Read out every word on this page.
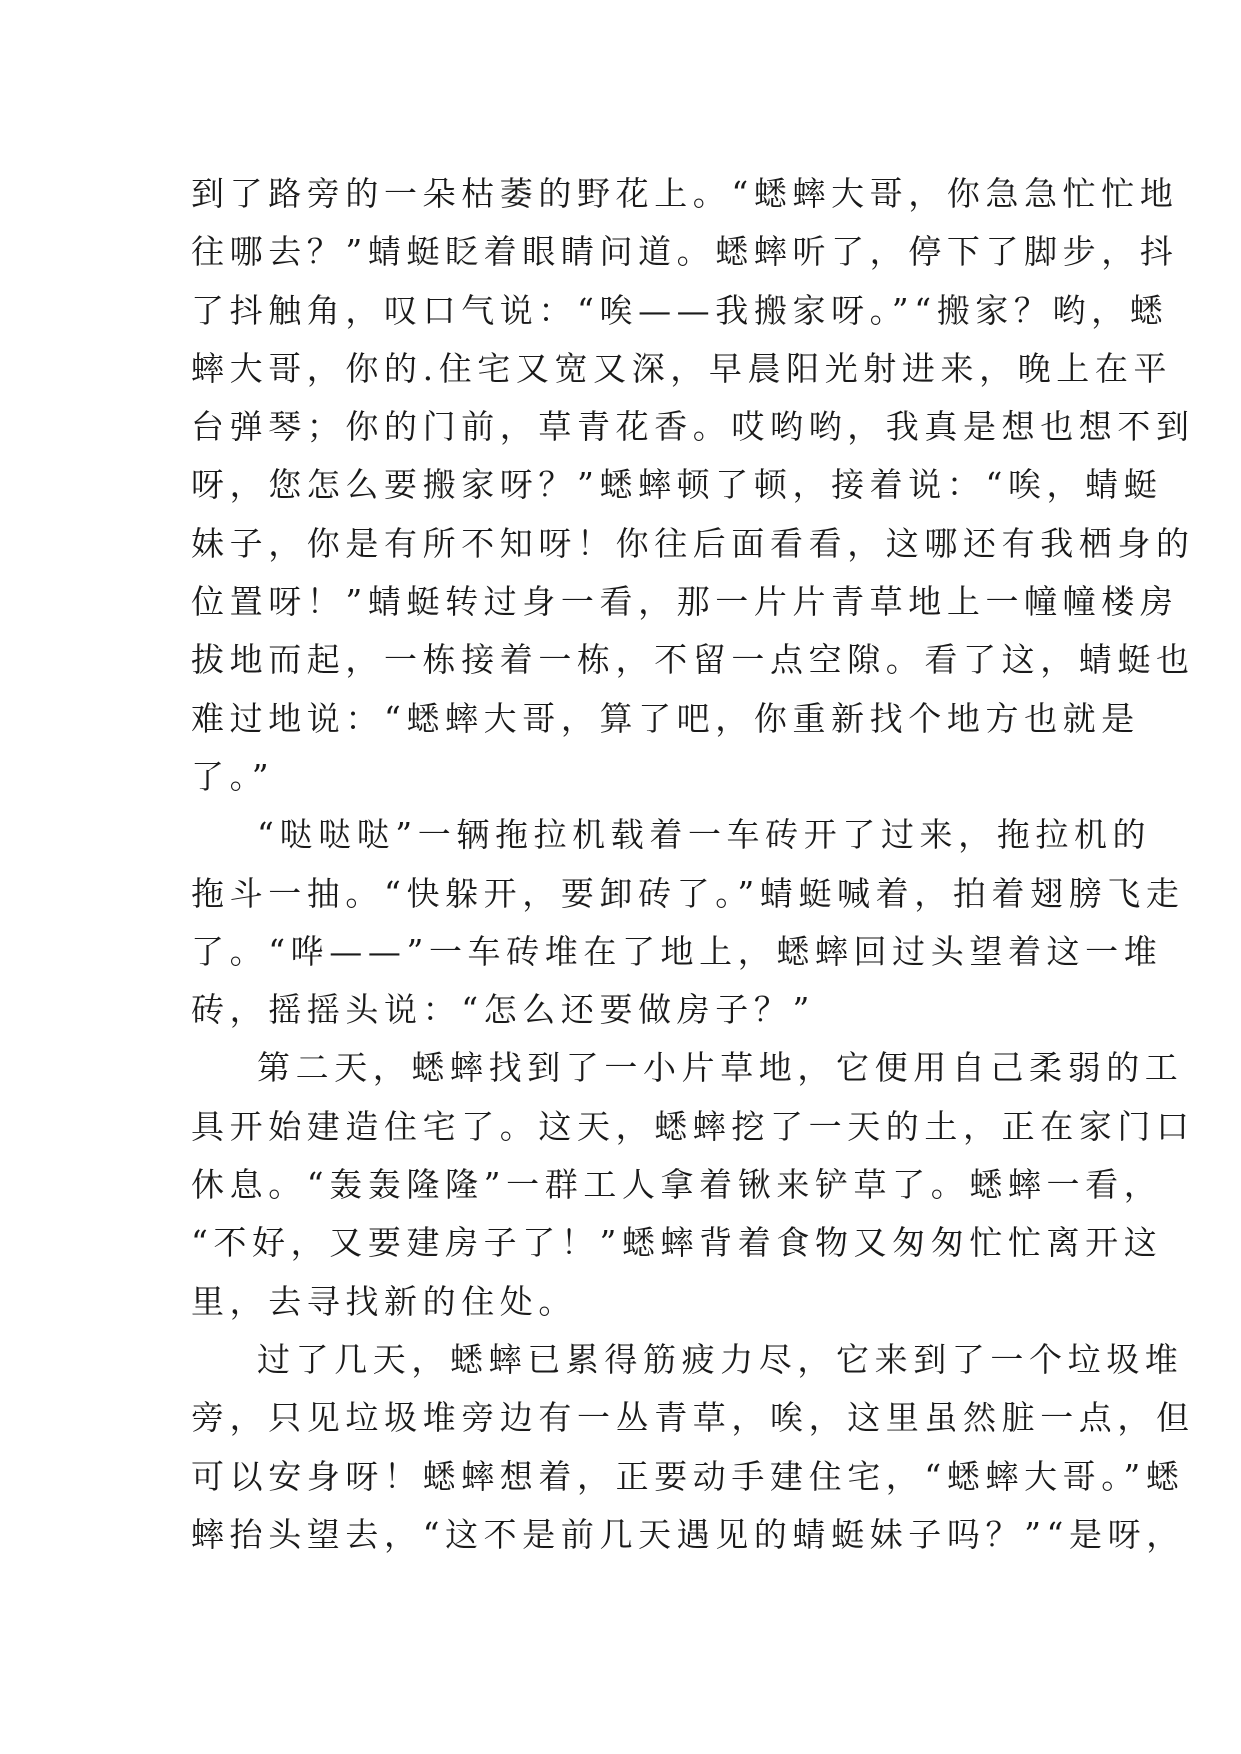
到了路旁的一朵枯萎的野花上。“蟋蟀大哥，你急急忙忙地
往哪去？”蜻蜓眨着眼睛问道。蟋蟀听了，停下了脚步，抖
了抖触角，叹口气说：“唉——我搬家呀。”“搬家？哟，蟋
蟀大哥，你的.住宅又宽又深，早晨阳光射进来，晚上在平
台弹琴；你的门前，草青花香。哎哟哟，我真是想也想不到
呀，您怎么要搬家呀？”蟋蟀顿了顿，接着说：“唉，蜻蜓
妹子，你是有所不知呀！你往后面看看，这哪还有我栖身的
位置呀！”蜻蜓转过身一看，那一片片青草地上一幢幢楼房
拔地而起，一栋接着一栋，不留一点空隙。看了这，蜻蜓也
难过地说：“蟋蟀大哥，算了吧，你重新找个地方也就是
了。”

“哒哒哒”一辆拖拉机载着一车砖开了过来，拖拉机的
拖斗一抽。“快躲开，要卸砖了。”蜻蜓喊着，拍着翅膀飞走
了。“哗——”一车砖堆在了地上，蟋蟀回过头望着这一堆
砖，摇摇头说：“怎么还要做房子？”

第二天，蟋蟀找到了一小片草地，它便用自己柔弱的工
具开始建造住宅了。这天，蟋蟀挖了一天的土，正在家门口
休息。“轰轰隆隆”一群工人拿着锹来铲草了。蟋蟀一看，
“不好，又要建房子了！”蟋蟀背着食物又匆匆忙忙离开这
里，去寻找新的住处。

过了几天，蟋蟀已累得筋疲力尽，它来到了一个垃圾堆
旁，只见垃圾堆旁边有一丛青草，唉，这里虽然脏一点，但
可以安身呀！蟋蟀想着，正要动手建住宅，“蟋蟀大哥。”蟋
蟀抬头望去，“这不是前几天遇见的蜻蜓妹子吗？”“是呀，
